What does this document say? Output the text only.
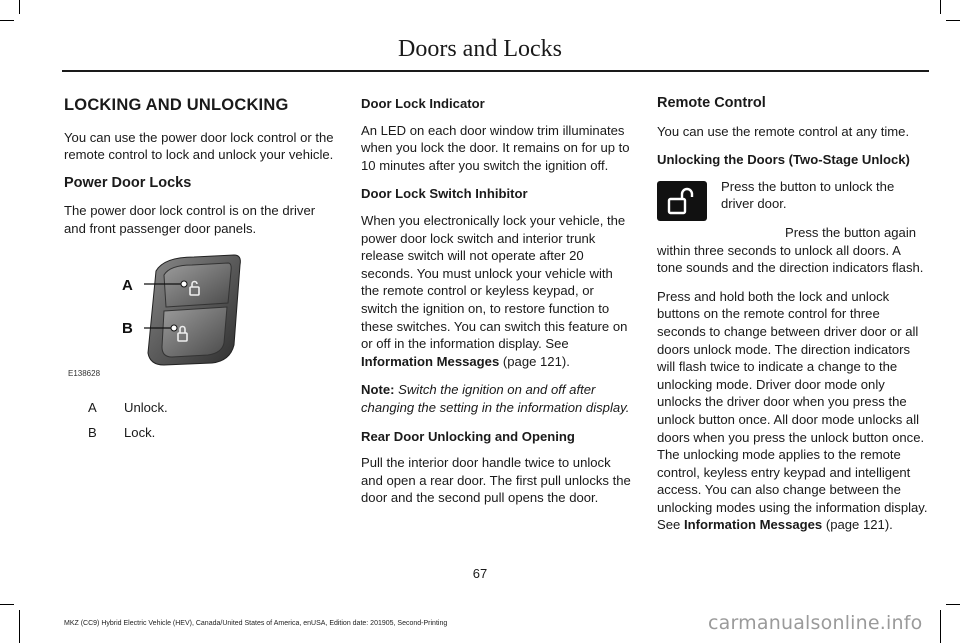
Doors and Locks
LOCKING AND UNLOCKING

You can use the power door lock control or the remote control to lock and unlock your vehicle.

Power Door Locks

The power door lock control is on the driver and front passenger door panels.

A
B
E138628
A	Unlock.
B	Lock.
Door Lock Indicator

An LED on each door window trim illuminates when you lock the door. It remains on for up to 10 minutes after you switch the ignition off.

Door Lock Switch Inhibitor

When you electronically lock your vehicle, the power door lock switch and interior trunk release switch will not operate after 20 seconds. You must unlock your vehicle with the remote control or keyless keypad, or switch the ignition on, to restore function to these switches. You can switch this feature on or off in the information display. See Information Messages (page 121).

Note: Switch the ignition on and off after changing the setting in the information display.

Rear Door Unlocking and Opening

Pull the interior door handle twice to unlock and open a rear door. The first pull unlocks the door and the second pull opens the door.

Remote Control

You can use the remote control at any time.

Unlocking the Doors (Two-Stage Unlock)

Press the button to unlock the driver door.

Press the button again within three seconds to unlock all doors. A tone sounds and the direction indicators flash.

Press and hold both the lock and unlock buttons on the remote control for three seconds to change between driver door or all doors unlock mode. The direction indicators will flash twice to indicate a change to the unlocking mode. Driver door mode only unlocks the driver door when you press the unlock button once. All door mode unlocks all doors when you press the unlock button once. The unlocking mode applies to the remote control, keyless entry keypad and intelligent access. You can also change between the unlocking modes using the information display. See Information Messages (page 121).

67
MKZ (CC9) Hybrid Electric Vehicle (HEV), Canada/United States of America, enUSA, Edition date: 201905, Second-Printing	carmanualsonline.info
